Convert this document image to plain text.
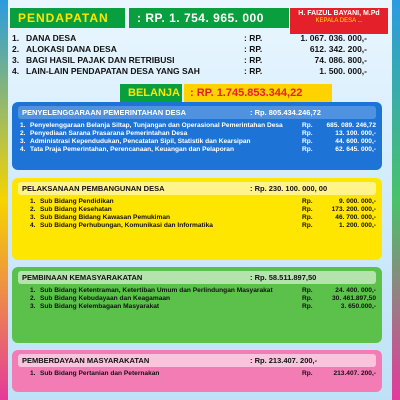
PENDAPATAN	: RP. 1. 754. 965. 000	H. FAIZUL BAYANI, M.Pd
KEPALA DESA ...
1. DANA DESA	: RP.	1. 067. 036. 000,-
2. ALOKASI DANA DESA	: RP.	612. 342. 200,-
3. BAGI HASIL PAJAK DAN RETRIBUSI	: RP.	74. 086. 800,-
4. LAIN-LAIN PENDAPATAN DESA YANG SAH	: RP.	1. 500. 000,-
BELANJA : RP. 1.745.853.344,22
PENYELENGGARAAN PEMERINTAHAN DESA	: Rp. 805.434.246,72
1. Penyelenggaraan Belanja Siltap, Tunjangan dan Operasional Pemerintahan Desa	Rp.	685. 089. 246,72
2. Penyediaan Sarana Prasarana Pemerintahan Desa	Rp.	13. 100. 000,-
3. Administrasi Kependudukan, Pencatatan Sipil, Statistik dan Kearsipan	Rp.	44. 600. 000,-
4. Tata Praja Pemerintahan, Perencanaan, Keuangan dan Pelaporan	Rp.	62. 645. 000,-
PELAKSANAAN PEMBANGUNAN DESA	: Rp. 230. 100. 000, 00
1. Sub Bidang Pendidikan	Rp.	9. 000. 000,-
2. Sub Bidang Kesehatan	Rp.	173. 200. 000,-
3. Sub Bidang Bidang Kawasan Pemukiman	Rp.	46. 700. 000,-
4. Sub Bidang Perhubungan, Komunikasi dan Informatika	Rp.	1. 200. 000,-
PEMBINAAN KEMASYARAKATAN	: Rp. 58.511.897,50
1. Sub Bidang Ketentraman, Ketertiban Umum dan Perlindungan Masyarakat	Rp.	24. 400. 000,-
2. Sub Bidang Kebudayaan dan Keagamaan	Rp.	30. 461.897,50
3. Sub Bidang Kelembagaan Masyarakat	Rp.	3. 650.000,-
PEMBERDAYAAN MASYARAKATAN	: Rp. 213.407. 200,-
1. Sub Bidang Pertanian dan Peternakan	Rp.	213.407. 200,-
